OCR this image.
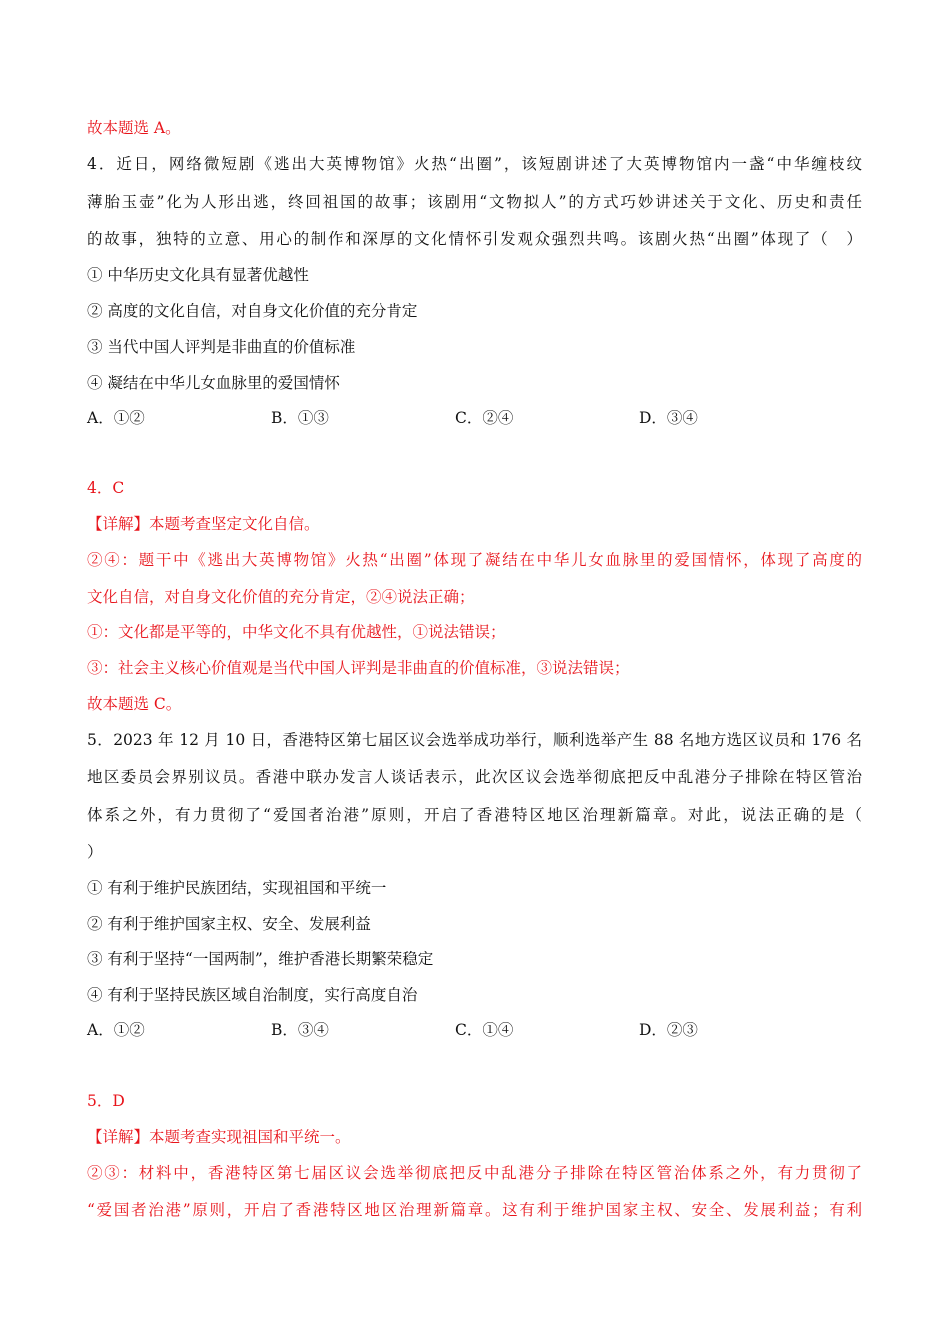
故本题选 A。
4．近日，网络微短剧《逃出大英博物馆》火热“出圈”，该短剧讲述了大英博物馆内一盏“中华缠枝纹
薄胎玉壶”化为人形出逃，终回祖国的故事；该剧用“文物拟人”的方式巧妙讲述关于文化、历史和责任
的故事，独特的立意、用心的制作和深厚的文化情怀引发观众强烈共鸣。该剧火热“出圈”体现了（　）
① 中华历史文化具有显著优越性
② 高度的文化自信，对自身文化价值的充分肯定
③ 当代中国人评判是非曲直的价值标准
④ 凝结在中华儿女血脉里的爱国情怀
A．①②	B．①③	C．②④	D．③④
4．C
【详解】本题考查坚定文化自信。
②④：题干中《逃出大英博物馆》火热“出圈”体现了凝结在中华儿女血脉里的爱国情怀，体现了高度的
文化自信，对自身文化价值的充分肯定，②④说法正确；
①：文化都是平等的，中华文化不具有优越性，①说法错误；
③：社会主义核心价值观是当代中国人评判是非曲直的价值标准，③说法错误；
故本题选 C。
5．2023 年 12 月 10 日，香港特区第七届区议会选举成功举行，顺利选举产生 88 名地方选区议员和 176 名
地区委员会界别议员。香港中联办发言人谈话表示，此次区议会选举彻底把反中乱港分子排除在特区管治
体系之外，有力贯彻了“爱国者治港”原则，开启了香港特区地区治理新篇章。对此，说法正确的是（
）
① 有利于维护民族团结，实现祖国和平统一
② 有利于维护国家主权、安全、发展利益
③ 有利于坚持“一国两制”，维护香港长期繁荣稳定
④ 有利于坚持民族区域自治制度，实行高度自治
A．①②	B．③④	C．①④	D．②③
5．D
【详解】本题考查实现祖国和平统一。
②③：材料中，香港特区第七届区议会选举彻底把反中乱港分子排除在特区管治体系之外，有力贯彻了
“爱国者治港”原则，开启了香港特区地区治理新篇章。这有利于维护国家主权、安全、发展利益；有利
